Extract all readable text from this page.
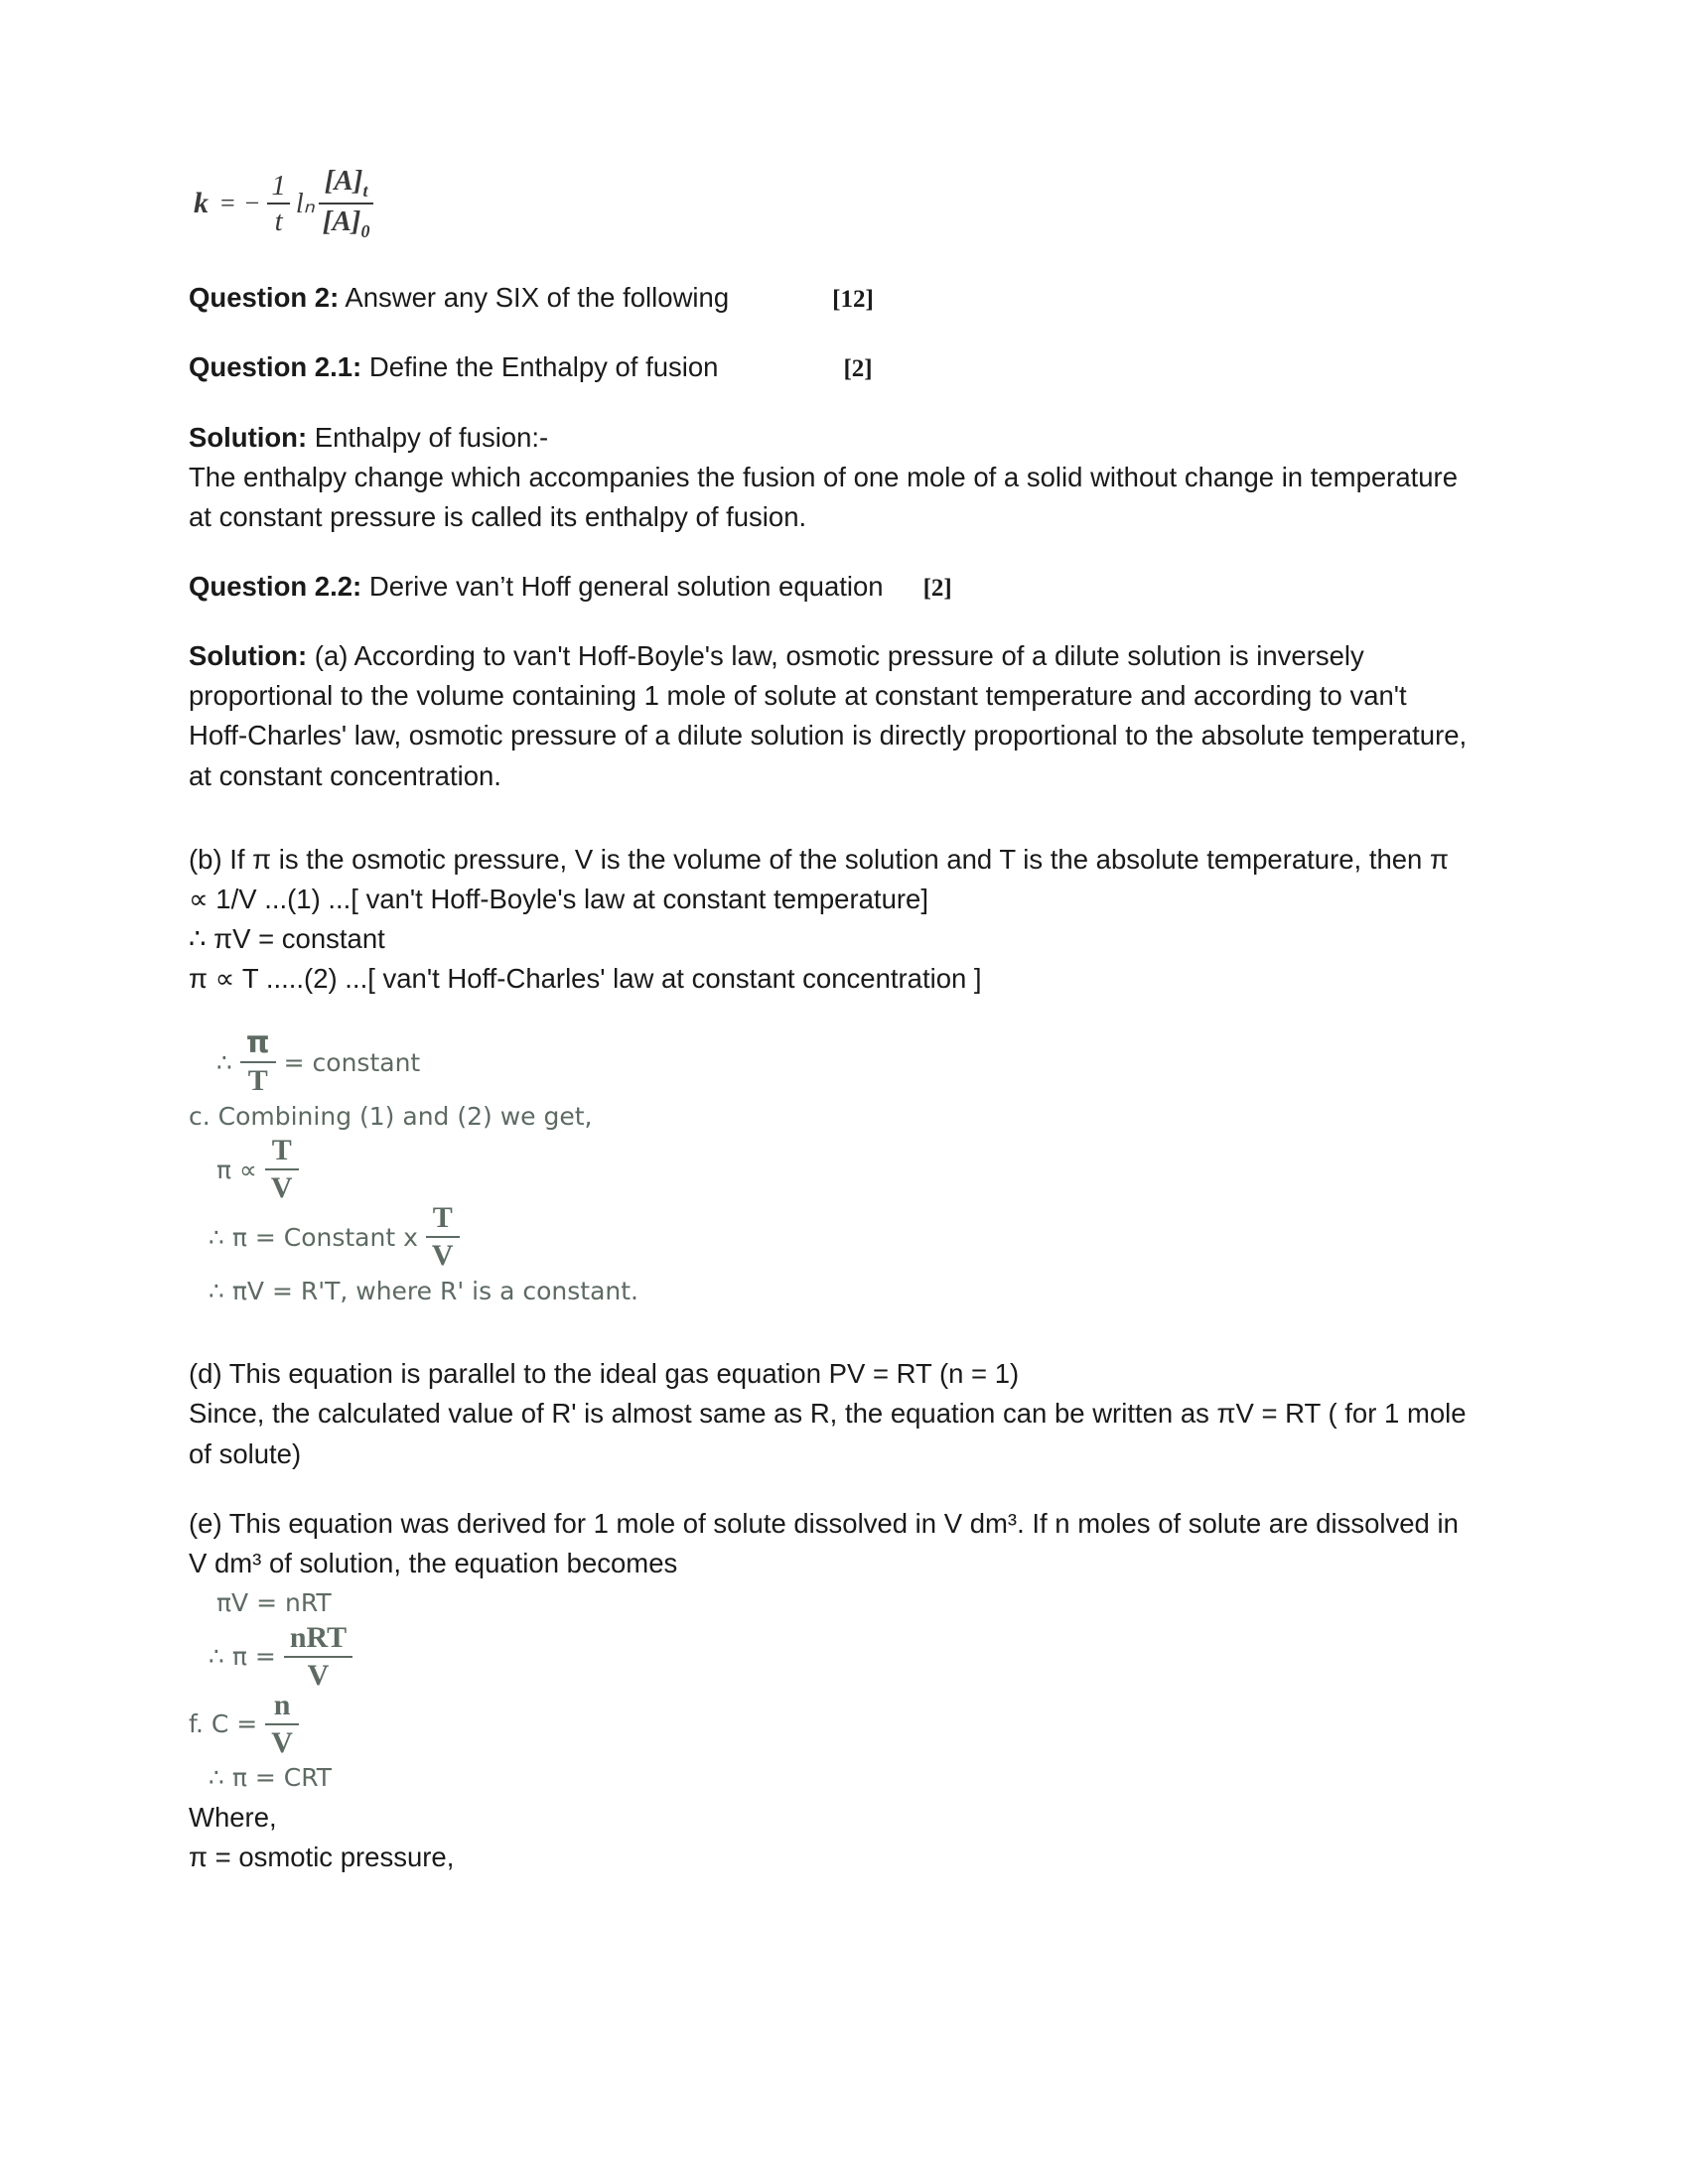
k = − $\frac{1}{t}$ lₙ $\frac{[A]_t}{[A]_0}$
Question 2: Answer any SIX of the following	[12]
Question 2.1: Define the Enthalpy of fusion	[2]
Solution: Enthalpy of fusion:-
The enthalpy change which accompanies the fusion of one mole of a solid without change in temperature at constant pressure is called its enthalpy of fusion.
Question 2.2: Derive van’t Hoff general solution equation [2]
Solution: (a) According to van't Hoff-Boyle's law, osmotic pressure of a dilute solution is inversely proportional to the volume containing 1 mole of solute at constant temperature and according to van't Hoff-Charles' law, osmotic pressure of a dilute solution is directly proportional to the absolute temperature, at constant concentration.
(b) If π is the osmotic pressure, V is the volume of the solution and T is the absolute temperature, then π ∝ 1/V ...(1) ...[ van't Hoff-Boyle's law at constant temperature]
∴ πV = constant
π ∝ T .....(2) ...[ van't Hoff-Charles' law at constant concentration ]
∴ $\frac{\pi}{T}$ = constant
c. Combining (1) and (2) we get,
$\pi \propto \frac{T}{V}$
∴ π = Constant x $\frac{T}{V}$
∴ πV = R'T, where R' is a constant.
(d) This equation is parallel to the ideal gas equation PV = RT (n = 1)
Since, the calculated value of R' is almost same as R, the equation can be written as πV = RT ( for 1 mole of solute)
(e) This equation was derived for 1 mole of solute dissolved in V dm³. If n moles of solute are dissolved in V dm³ of solution, the equation becomes
πV = nRT
∴ $\pi = \frac{\text{nRT}}{V}$
f. $C = \frac{n}{V}$
∴ π = CRT
Where,
π = osmotic pressure,
